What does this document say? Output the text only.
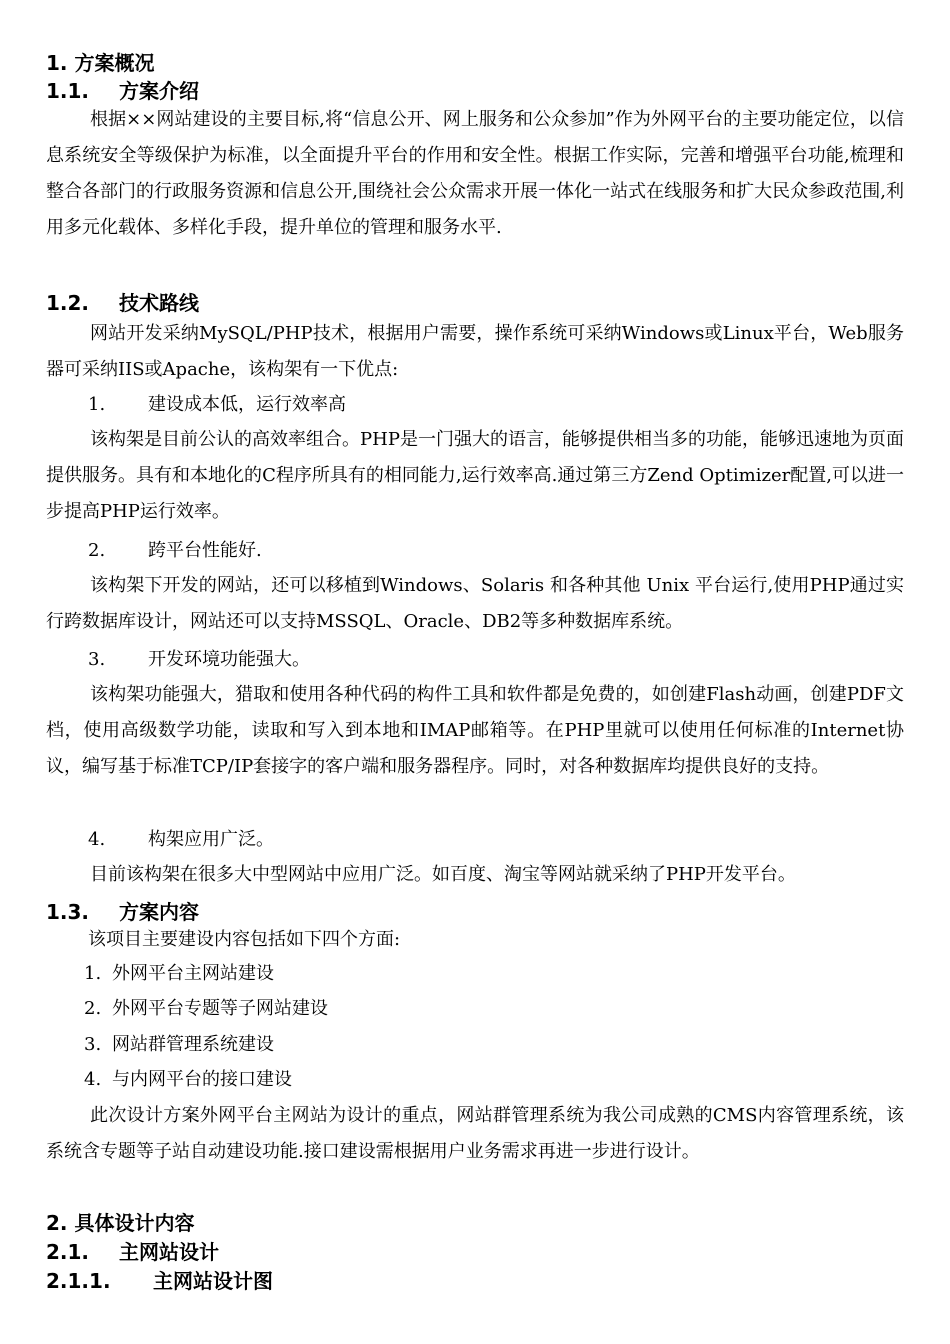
1. 方案概况
1.1. 方案介绍
根据××网站建设的主要目标,将“信息公开、网上服务和公众参加”作为外网平台的主要功能定位，以信息系统安全等级保护为标准，以全面提升平台的作用和安全性。根据工作实际，完善和增强平台功能,梳理和整合各部门的行政服务资源和信息公开,围绕社会公众需求开展一体化一站式在线服务和扩大民众参政范围,利用多元化载体、多样化手段，提升单位的管理和服务水平.
1.2. 技术路线
网站开发采纳MySQL/PHP技术，根据用户需要，操作系统可采纳Windows或Linux平台，Web服务器可采纳IIS或Apache，该构架有一下优点:
1. 建设成本低，运行效率高
该构架是目前公认的高效率组合。PHP是一门强大的语言，能够提供相当多的功能，能够迅速地为页面提供服务。具有和本地化的C程序所具有的相同能力,运行效率高.通过第三方Zend Optimizer配置,可以进一步提高PHP运行效率。
2. 跨平台性能好.
该构架下开发的网站，还可以移植到Windows、Solaris 和各种其他 Unix 平台运行,使用PHP通过实行跨数据库设计，网站还可以支持MSSQL、Oracle、DB2等多种数据库系统。
3. 开发环境功能强大。
该构架功能强大，猎取和使用各种代码的构件工具和软件都是免费的，如创建Flash动画，创建PDF文档，使用高级数学功能，读取和写入到本地和IMAP邮箱等。在PHP里就可以使用任何标准的Internet协议，编写基于标准TCP/IP套接字的客户端和服务器程序。同时，对各种数据库均提供良好的支持。
4. 构架应用广泛。
目前该构架在很多大中型网站中应用广泛。如百度、淘宝等网站就采纳了PHP开发平台。
1.3. 方案内容
该项目主要建设内容包括如下四个方面:
1. 外网平台主网站建设
2. 外网平台专题等子网站建设
3. 网站群管理系统建设
4. 与内网平台的接口建设
此次设计方案外网平台主网站为设计的重点，网站群管理系统为我公司成熟的CMS内容管理系统，该系统含专题等子站自动建设功能.接口建设需根据用户业务需求再进一步进行设计。
2. 具体设计内容
2.1. 主网站设计
2.1.1. 主网站设计图
